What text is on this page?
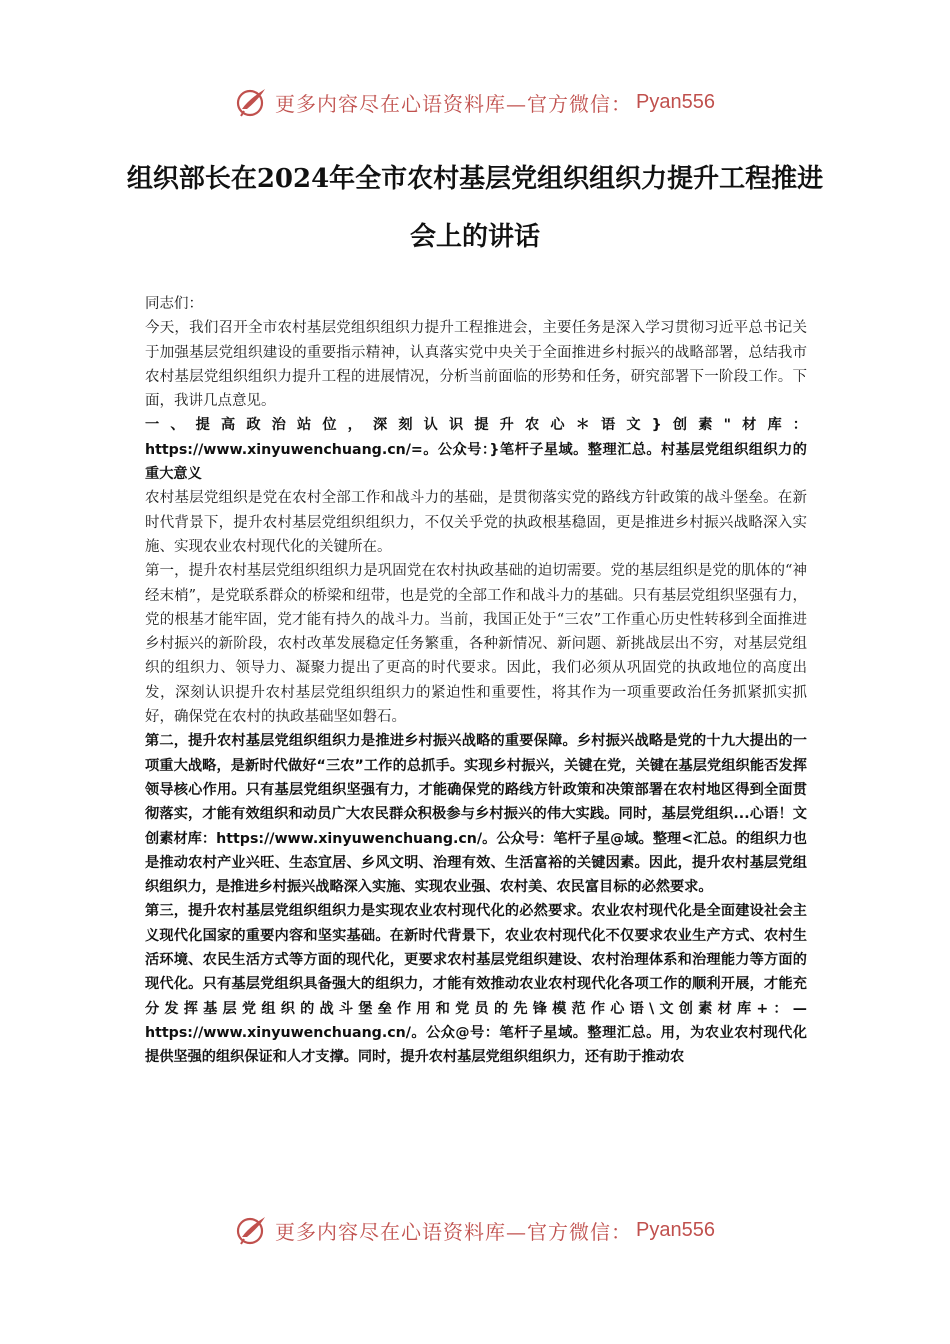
更多内容尽在心语资料库—官方微信： Pyan556
组织部长在2024年全市农村基层党组织组织力提升工程推进会上的讲话

同志们：

今天，我们召开全市农村基层党组织组织力提升工程推进会，主要任务是深入学习贯彻习近平总书记关于加强基层党组织建设的重要指示精神，认真落实党中央关于全面推进乡村振兴的战略部署，总结我市农村基层党组织组织力提升工程的进展情况，分析当前面临的形势和任务，研究部署下一阶段工作。下面，我讲几点意见。

一、提高政治站位，深刻认识提升农心＊语文}创素"材库：https://www.xinyuwenchuang.cn/=。公众号：}笔杆子星域。整理汇总。村基层党组织组织力的重大意义

农村基层党组织是党在农村全部工作和战斗力的基础，是贯彻落实党的路线方针政策的战斗堡垒。在新时代背景下，提升农村基层党组织组织力，不仅关乎党的执政根基稳固，更是推进乡村振兴战略深入实施、实现农业农村现代化的关键所在。

第一，提升农村基层党组织组织力是巩固党在农村执政基础的迫切需要。党的基层组织是党的肌体的“神经末梢”，是党联系群众的桥梁和纽带，也是党的全部工作和战斗力的基础。只有基层党组织坚强有力，党的根基才能牢固，党才能有持久的战斗力。当前，我国正处于“三农”工作重心历史性转移到全面推进乡村振兴的新阶段，农村改革发展稳定任务繁重，各种新情况、新问题、新挑战层出不穷，对基层党组织的组织力、领导力、凝聚力提出了更高的时代要求。因此，我们必须从巩固党的执政地位的高度出发，深刻认识提升农村基层党组织组织力的紧迫性和重要性，将其作为一项重要政治任务抓紧抓实抓好，确保党在农村的执政基础坚如磐石。

第二，提升农村基层党组织组织力是推进乡村振兴战略的重要保障。乡村振兴战略是党的十九大提出的一项重大战略，是新时代做好“三农”工作的总抓手。实现乡村振兴，关键在党，关键在基层党组织能否发挥领导核心作用。只有基层党组织坚强有力，才能确保党的路线方针政策和决策部署在农村地区得到全面贯彻落实，才能有效组织和动员广大农民群众积极参与乡村振兴的伟大实践。同时，基层党组织...心语！文创素材库：https://www.xinyuwenchuang.cn/。公众号：笔杆子星@域。整理<汇总。的组织力也是推动农村产业兴旺、生态宜居、乡风文明、治理有效、生活富裕的关键因素。因此，提升农村基层党组织组织力，是推进乡村振兴战略深入实施、实现农业强、农村美、农民富目标的必然要求。

第三，提升农村基层党组织组织力是实现农业农村现代化的必然要求。农业农村现代化是全面建设社会主义现代化国家的重要内容和坚实基础。在新时代背景下，农业农村现代化不仅要求农业生产方式、农村生活环境、农民生活方式等方面的现代化，更要求农村基层党组织建设、农村治理体系和治理能力等方面的现代化。只有基层党组织具备强大的组织力，才能有效推动农业农村现代化各项工作的顺利开展，才能充分发挥基层党组织的战斗堡垒作用和党员的先锋模范作心语\文创素材库+：—https://www.xinyuwenchuang.cn/。公众@号：笔杆子星域。整理汇总。用，为农业农村现代化提供坚强的组织保证和人才支撑。同时，提升农村基层党组织组织力，还有助于推动农

更多内容尽在心语资料库—官方微信： Pyan556
